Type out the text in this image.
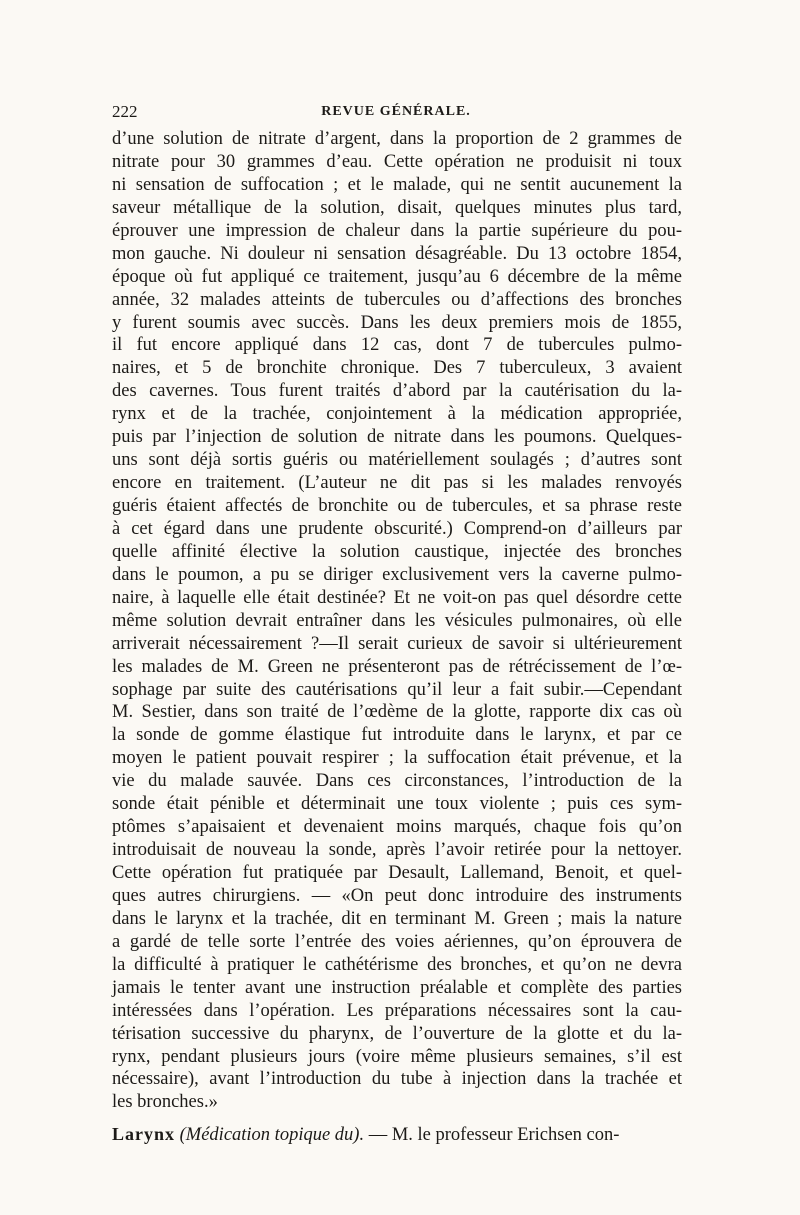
222	REVUE GÉNÉRALE.
d’une solution de nitrate d’argent, dans la proportion de 2 grammes de
nitrate pour 30 grammes d’eau. Cette opération ne produisit ni toux
ni sensation de suffocation ; et le malade, qui ne sentit aucunement la
saveur métallique de la solution, disait, quelques minutes plus tard,
éprouver une impression de chaleur dans la partie supérieure du pou-
mon gauche. Ni douleur ni sensation désagréable. Du 13 octobre 1854,
époque où fut appliqué ce traitement, jusqu’au 6 décembre de la même
année, 32 malades atteints de tubercules ou d’affections des bronches
y furent soumis avec succès. Dans les deux premiers mois de 1855,
il fut encore appliqué dans 12 cas, dont 7 de tubercules pulmo-
naires, et 5 de bronchite chronique. Des 7 tuberculeux, 3 avaient
des cavernes. Tous furent traités d’abord par la cautérisation du la-
rynx et de la trachée, conjointement à la médication appropriée,
puis par l’injection de solution de nitrate dans les poumons. Quelques-
uns sont déjà sortis guéris ou matériellement soulagés ; d’autres sont
encore en traitement. (L’auteur ne dit pas si les malades renvoyés
guéris étaient affectés de bronchite ou de tubercules, et sa phrase reste
à cet égard dans une prudente obscurité.) Comprend-on d’ailleurs par
quelle affinité élective la solution caustique, injectée des bronches
dans le poumon, a pu se diriger exclusivement vers la caverne pulmo-
naire, à laquelle elle était destinée? Et ne voit-on pas quel désordre cette
même solution devrait entraîner dans les vésicules pulmonaires, où elle
arriverait nécessairement ?—Il serait curieux de savoir si ultérieurement
les malades de M. Green ne présenteront pas de rétrécissement de l’œ-
sophage par suite des cautérisations qu’il leur a fait subir.—Cependant
M. Sestier, dans son traité de l’œdème de la glotte, rapporte dix cas où
la sonde de gomme élastique fut introduite dans le larynx, et par ce
moyen le patient pouvait respirer ; la suffocation était prévenue, et la
vie du malade sauvée. Dans ces circonstances, l’introduction de la
sonde était pénible et déterminait une toux violente ; puis ces sym-
ptômes s’apaisaient et devenaient moins marqués, chaque fois qu’on
introduisait de nouveau la sonde, après l’avoir retirée pour la nettoyer.
Cette opération fut pratiquée par Desault, Lallemand, Benoit, et quel-
ques autres chirurgiens. — «On peut donc introduire des instruments
dans le larynx et la trachée, dit en terminant M. Green ; mais la nature
a gardé de telle sorte l’entrée des voies aériennes, qu’on éprouvera de
la difficulté à pratiquer le cathétérisme des bronches, et qu’on ne devra
jamais le tenter avant une instruction préalable et complète des parties
intéressées dans l’opération. Les préparations nécessaires sont la cau-
térisation successive du pharynx, de l’ouverture de la glotte et du la-
rynx, pendant plusieurs jours (voire même plusieurs semaines, s’il est
nécessaire), avant l’introduction du tube à injection dans la trachée et
les bronches.»
Larynx (Médication topique du). — M. le professeur Erichsen con-
